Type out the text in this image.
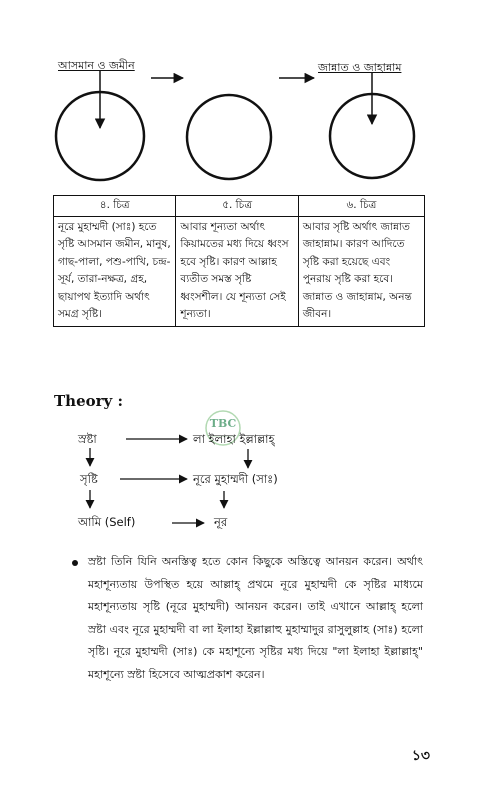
আসমান ও জমীন	জান্নাত ও জাহান্নাম
৪. চিত্র	৫. চিত্র	৬. চিত্র
নূরে মুহাম্মদী (সাঃ) হতে সৃষ্টি আসমান জমীন, মানুষ, গাছ-পালা, পশু-পাখি, চন্দ্র-সূর্য, তারা-নক্ষত্র, গ্রহ, ছায়াপথ ইত্যাদি অর্থাৎ সমগ্র সৃষ্টি।	আবার শূন্যতা অর্থাৎ কিয়ামতের মধ্য দিয়ে ধ্বংস হবে সৃষ্টি। কারণ আল্লাহ ব্যতীত সমস্ত সৃষ্টি ধ্বংসশীল। যে শূন্যতা সেই শূন্যতা।	আবার সৃষ্টি অর্থাৎ জান্নাত জাহান্নাম। কারণ আদিতে সৃষ্টি করা হয়েছে এবং পুনরায় সৃষ্টি করা হবে। জান্নাত ও জাহান্নাম, অনন্ত জীবন।
Theory :
TBC
স্রষ্টা	লা ইলাহা ইল্লাল্লাহ্
সৃষ্টি	নূরে মুহাম্মদী (সাঃ)
আমি (Self)	নূর
স্রষ্টা তিনি যিনি অনস্তিত্ব হতে কোন কিছুকে অস্তিত্বে আনয়ন করেন। অর্থাৎ মহাশূন্যতায় উপস্থিত হয়ে আল্লাহ্ প্রথমে নূরে মুহাম্মদী কে সৃষ্টির মাধ্যমে মহাশূন্যতায় সৃষ্টি (নূরে মুহাম্মদী) আনয়ন করেন। তাই এখানে আল্লাহ্ হলো স্রষ্টা এবং নূরে মুহাম্মদী বা লা ইলাহা ইল্লাল্লাহু মুহাম্মাদুর রাসুলুল্লাহ (সাঃ) হলো সৃষ্টি। নূরে মুহাম্মদী (সাঃ) কে মহাশূন্যে সৃষ্টির মধ্য দিয়ে "লা ইলাহা ইল্লাল্লাহ্" মহাশূন্যে স্রষ্টা হিসেবে আত্মপ্রকাশ করেন।
১৩
